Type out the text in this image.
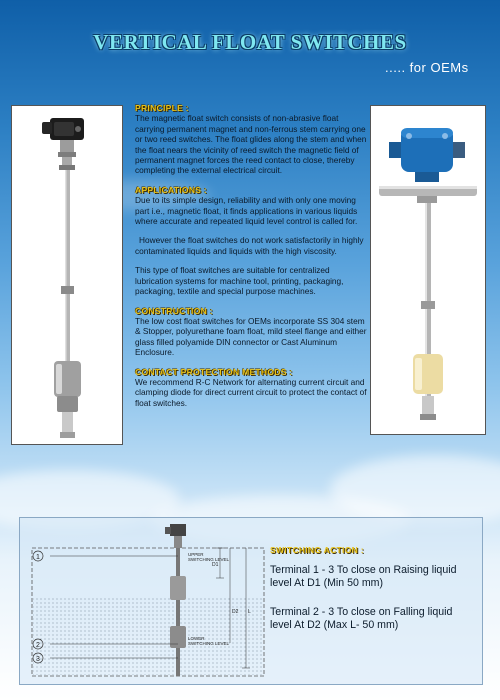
VERTICAL FLOAT SWITCHES
..... for OEMs
PRINCIPLE :

The magnetic float switch consists of non-abrasive float carrying permanent magnet and non-ferrous stem carrying one or two reed switches. The float glides along the stem and when the float nears the vicinity of reed switch the magnetic field of permanent magnet forces the reed contact to close, thereby completing the external electrical circuit.

APPLICATIONS :

Due to its simple design, reliability and with only one moving part i.e., magnetic float, it finds applications in various liquids where accurate and repeated liquid level control is called for.

However the float switches do not work satisfactorily in highly contaminated liquids and liquids with the high viscosity.

This type of float switches are suitable for centralized lubrication systems for machine tool, printing, packaging, packaging, textile and special purpose machines.

CONSTRUCTION :

The low cost float switches for OEMs incorporate SS 304 stem & Stopper, polyurethane foam float, mild steel flange and either glass filled polyamide DIN connector or Cast Aluminum Enclosure.

CONTACT PROTECTION METHODS :

We recommend R-C Network for alternating current circuit and clamping diode for direct current circuit to protect the contact of float switches.

1
2
3
UPPER
SWITCHING LEVEL
LOWER
SWITCHING LEVEL
D1
D2 L
SWITCHING ACTION :
Terminal 1 - 3 To close on Raising liquid level At D1 (Min 50 mm)
Terminal 2 - 3 To close on Falling liquid level At D2 (Max L- 50 mm)
